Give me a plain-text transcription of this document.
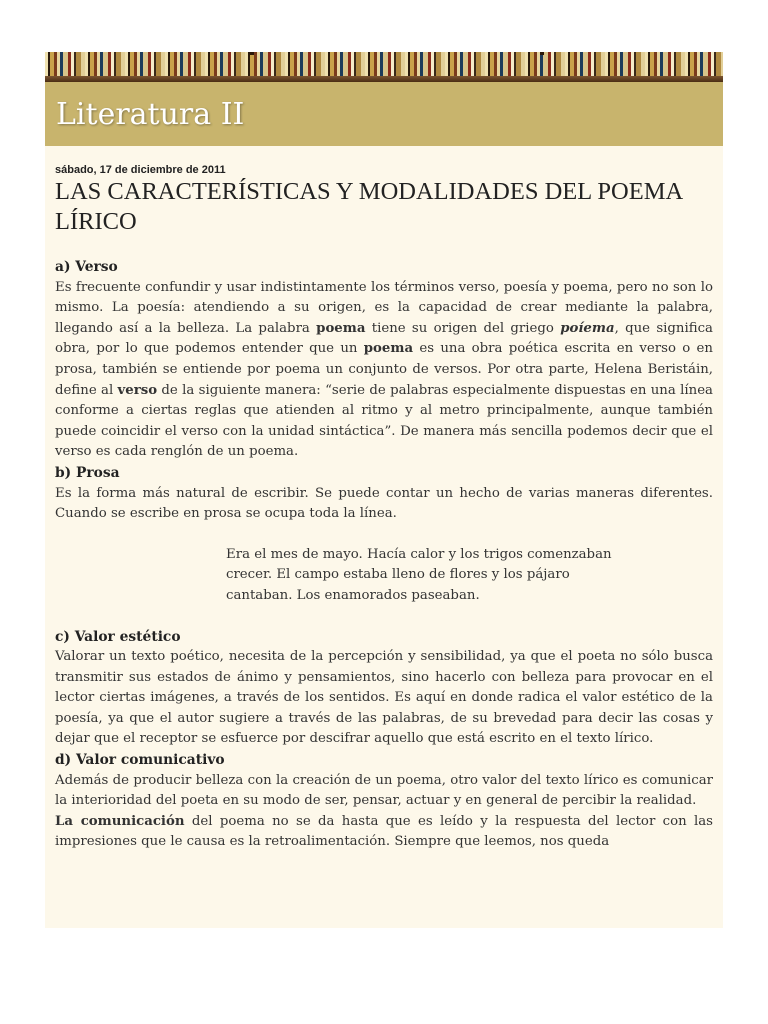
Literatura II

sábado, 17 de diciembre de 2011

LAS CARACTERÍSTICAS Y MODALIDADES DEL POEMA LÍRICO
a) Verso

Es frecuente confundir y usar indistintamente los términos verso, poesía y poema, pero no son lo mismo. La poesía: atendiendo a su origen, es la capacidad de crear mediante la palabra, llegando así a la belleza. La palabra poema tiene su origen del griego poíema, que significa obra, por lo que podemos entender que un poema es una obra poética escrita en verso o en prosa, también se entiende por poema un conjunto de versos. Por otra parte, Helena Beristáin, define al verso de la siguiente manera: “serie de palabras especialmente dispuestas en una línea conforme a ciertas reglas que atienden al ritmo y al metro principalmente, aunque también puede coincidir el verso con la unidad sintáctica”. De manera más sencilla podemos decir que el verso es cada renglón de un poema.

b) Prosa

Es la forma más natural de escribir. Se puede contar un hecho de varias maneras diferentes. Cuando se escribe en prosa se ocupa toda la línea.

Era el mes de mayo. Hacía calor y los trigos comenzaban
crecer. El campo estaba lleno de flores y los pájaro
cantaban. Los enamorados paseaban.
c) Valor estético

Valorar un texto poético, necesita de la percepción y sensibilidad, ya que el poeta no sólo busca transmitir sus estados de ánimo y pensamientos, sino hacerlo con belleza para provocar en el lector ciertas imágenes, a través de los sentidos. Es aquí en donde radica el valor estético de la poesía, ya que el autor sugiere a través de las palabras, de su brevedad para decir las cosas y dejar que el receptor se esfuerce por descifrar aquello que está escrito en el texto lírico.

d) Valor comunicativo

Además de producir belleza con la creación de un poema, otro valor del texto lírico es comunicar la interioridad del poeta en su modo de ser, pensar, actuar y en general de percibir la realidad.

La comunicación del poema no se da hasta que es leído y la respuesta del lector con las impresiones que le causa es la retroalimentación. Siempre que leemos, nos queda
